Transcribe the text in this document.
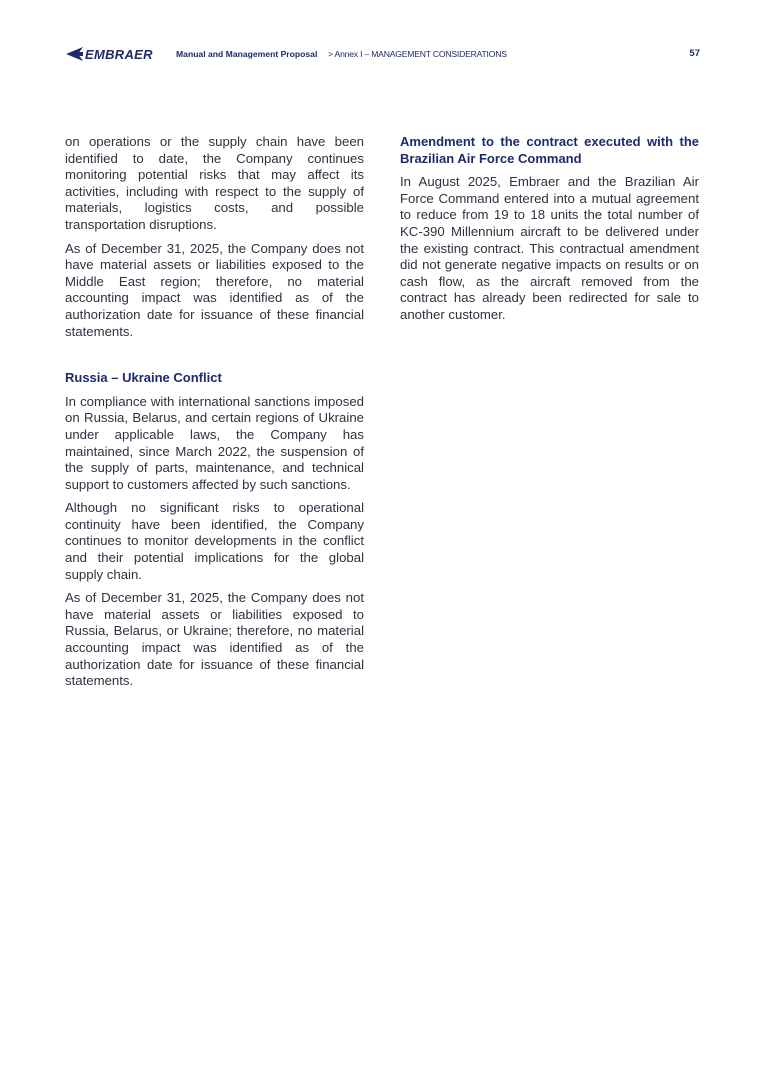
EMBRAER	Manual and Management Proposal > Annex I – MANAGEMENT CONSIDERATIONS	57

on operations or the supply chain have been identified to date, the Company continues monitoring potential risks that may affect its activities, including with respect to the supply of materials, logistics costs, and possible transportation disruptions.

As of December 31, 2025, the Company does not have material assets or liabilities exposed to the Middle East region; therefore, no material accounting impact was identified as of the authorization date for issuance of these financial statements.

Russia – Ukraine Conflict

In compliance with international sanctions imposed on Russia, Belarus, and certain regions of Ukraine under applicable laws, the Company has maintained, since March 2022, the suspension of the supply of parts, maintenance, and technical support to customers affected by such sanctions.

Although no significant risks to operational continuity have been identified, the Company continues to monitor developments in the conflict and their potential implications for the global supply chain.

As of December 31, 2025, the Company does not have material assets or liabilities exposed to Russia, Belarus, or Ukraine; therefore, no material accounting impact was identified as of the authorization date for issuance of these financial statements.

Amendment to the contract executed with the Brazilian Air Force Command

In August 2025, Embraer and the Brazilian Air Force Command entered into a mutual agreement to reduce from 19 to 18 units the total number of KC-390 Millennium aircraft to be delivered under the existing contract. This contractual amendment did not generate negative impacts on results or on cash flow, as the aircraft removed from the contract has already been redirected for sale to another customer.
